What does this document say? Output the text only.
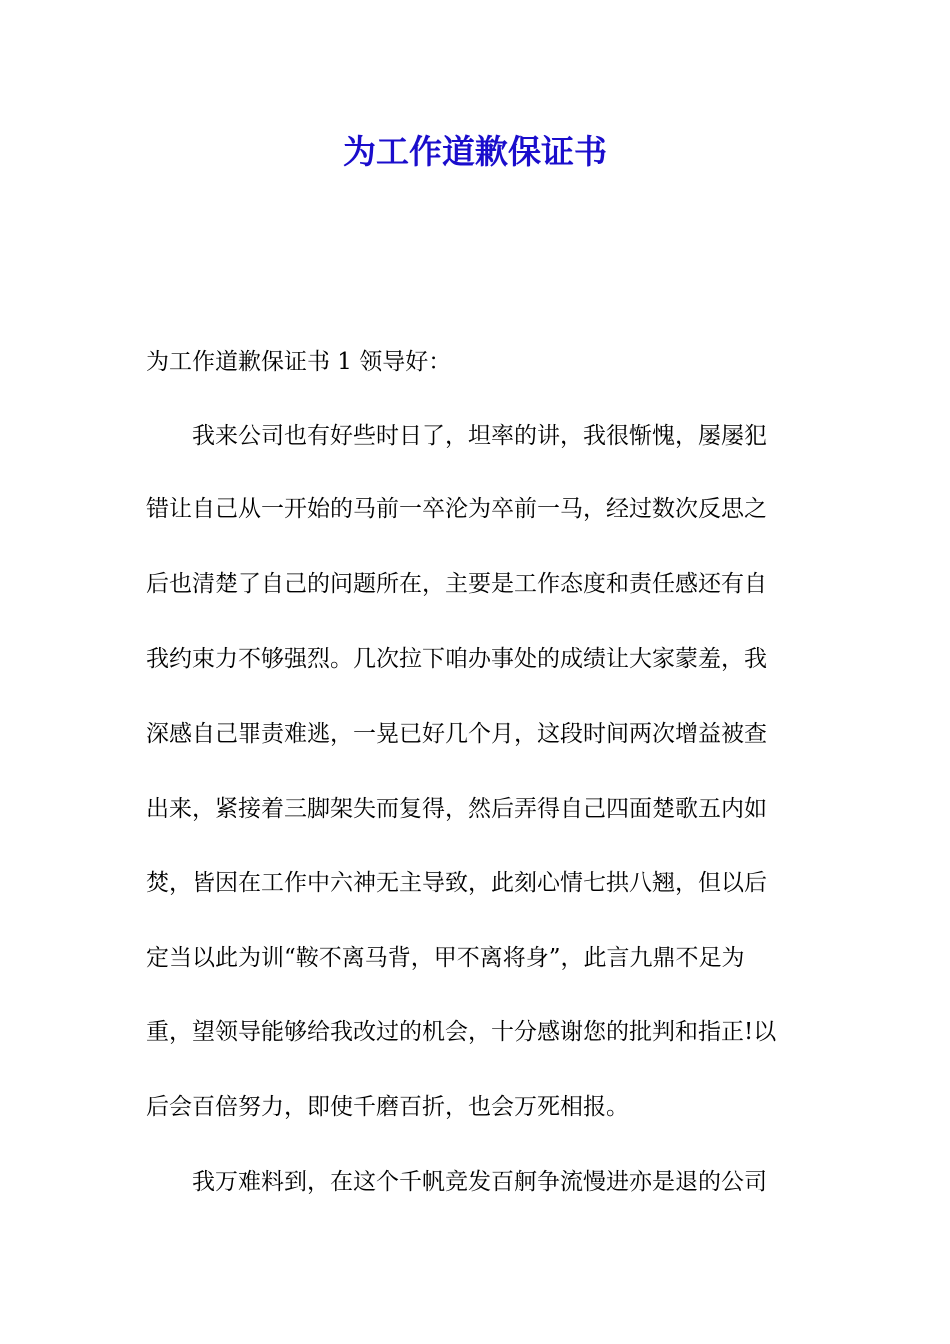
为工作道歉保证书
为工作道歉保证书 1 领导好：
我来公司也有好些时日了，坦率的讲，我很惭愧，屡屡犯
错让自己从一开始的马前一卒沦为卒前一马，经过数次反思之
后也清楚了自己的问题所在，主要是工作态度和责任感还有自
我约束力不够强烈。几次拉下咱办事处的成绩让大家蒙羞，我
深感自己罪责难逃，一晃已好几个月，这段时间两次增益被查
出来，紧接着三脚架失而复得，然后弄得自己四面楚歌五内如
焚，皆因在工作中六神无主导致，此刻心情七拱八翘，但以后
定当以此为训“鞍不离马背，甲不离将身”，此言九鼎不足为
重，望领导能够给我改过的机会，十分感谢您的批判和指正!以
后会百倍努力，即使千磨百折，也会万死相报。
我万难料到，在这个千帆竞发百舸争流慢进亦是退的公司
